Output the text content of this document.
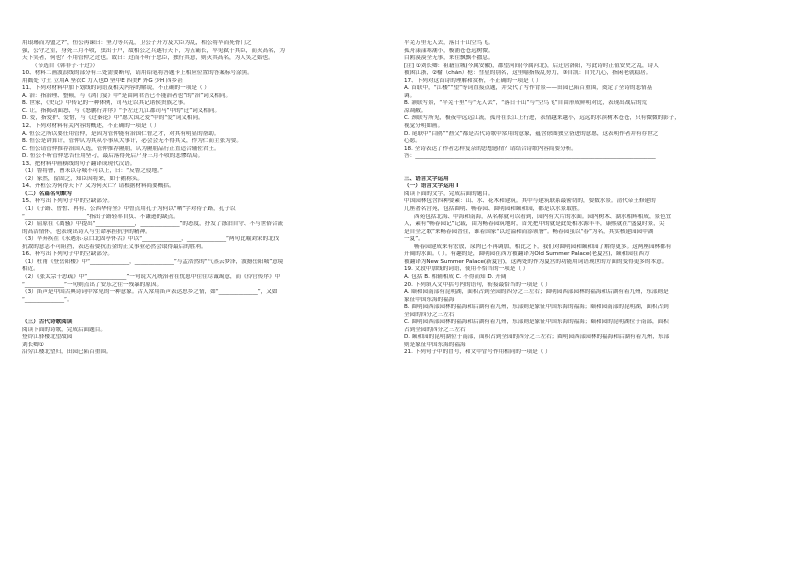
用琅琊而为盟之?”，恒公再谏曰：坚刀等兵乱，卫公子开方及大臣为乱，相公将卒而死骨门之
强，公守之室，身死三月不收，虫出于户，故相公之兵遂行天下，为五霸长，卒见弑于其臣，而灭高名，为
天下笑者，何也？不用管仲之过也。故曰：过而不听于忠臣，独行其意，则灭其高名，为人笑之始也。
（节选自《韩非子·十过》）
10、材料二画波浪线的部分有三处需要断句，请用铅笔将答题卡上相应位置的答案标号涂黑。
用戳处 寸土 立用A 坚衣C 力人也D 坚甲E 四美F 外G 少H 四乡甚
11、下列对材料中加下划线的词语及相关内容的解说，不正确的一项是（ ）
A. 治：指治理、整顿，与《鸿门宴》中“是由阿君吾已不能治者也”的“治”词义相同。
B. 世家，《史记》中传记的一种体例，司马迁以其记诸侯贵族之事。
C. 让，指揭动面怒，与《怒鹏行并序》“予左迁九江郡司马”中的“迁”词义相同。
D. 爱，指爱护、爱惜，与《过秦论》中“愿大国之爱”中的“爱”词义相同。
12、下列对材料有关内容的概述，不正确的一项是（ ）
A. 恒公之所以要任用管仲，是因为管仲能有治国仁智之才，对其有明显的帮助。
B. 恒公是讲算计，管仲认为其从小事从大事计，必会会无不得其义，作为仁而主张为要。
C. 恒公请管仲推荐治国人选，管仲推荐隰朋，认为隰朋品行正直适合辅佐君王。
D. 恒公不听管仲忠告任用坚刁，最后落得死后尸身三月不收的悲惨结局。
13、把材料中画横线的句子翻译成现代汉语。
（1）鲁将曹，曹未以夺城不可以上，曰：“反鲁之侵地。”
（2）家然，留固之，知臣因将来，如于鹅称头。
14、齐桓公为何得天下？又为何灭亡？请根据材料简要概括。
（二）名篇名句默写
15、补写出下列句子中的空缺部分。
（1）《子路、曾皙、冉有、公西华侍坐》中曾点用孔子为何以“哂”字对待子路，孔子以
“______________________”指出子路轻率自负、不谦逊的缺点。
（2）屈原在《离骚》中提出“______________，______________”的态度，抒发了涤泊自守、不与世俗合流
的高洁情怀，也表现出诗人与生命承担抗争的精神。
（3）辛弃疾在《永遇乐·京口北固亭怀古》中以“______________，______________”两句比喻刘宋的北伐
抗敌的意志不可阻挡，表达着要抗击金的正义事业必然会取得最后的胜利。
16、补写出下列句子中的空缺部分。
（1）杜甫《登岳阳楼》中“______________，______________”与孟浩然的“气蒸云梦泽，波撼岳阳城”意境
相近。
（2）《张太宗十思疏》中“______________”一句说大凡统治者在忧患中往往尽诚竭意，而《伶官传序》中
“______________”一句则点出了安乐之往一残暴的原因。
（3）笛声是中国古典诗词中常见的一种意象。古人常用笛声表达思乡之情，如“______________”，又如
“______________”。
（三）古代诗歌阅读
阅读下面的诗歌，完成后面题目。
登铃江驿楼北望故园
刘长卿①
沿穷江楼北望归，田园已陷百重围。
平芜万里无人去，落日千山空鸟飞。
孤舟漾漾寒潮小，极浦苍苍远树微。
白鸥漠漠全无事，来往飘飘不撒息。
[注] ①刘长卿：祖籍宣城(今属安徽)，郡望河间(今属河北)，后迁居洛阳，写此诗时正值安史之乱，诗人
被困江浙，②榆（chán）枪：彗星的别名，这里喻指叛乱势力，③自凯：自凭九心，指闲老就稳居。
17、下列对这首诗的理解和赏析，不正确的一项是（ ）
A. 首联中，“江楼”“望”等词直接点题，并交代了写作背景——田园已陷百重围，奠定了全诗的悲情基
调。
B. 颔联写景，“平芜千里”与“无人去”，“落日千山”与“空鸟飞”自由形成鲜明对比，表现出战后的荒
凉凋敝。
C. 颈联写所见，极夜中远远江流，孤舟在长江上行进，表情越来越小，远远的水滨树木苍苍，只有微微的影子，
视觉分明如画。
D. 尾联中“白鸥”“渔父”都是古代诗歌中常用的意象，蕴含徐图独立奋进的意愿，这表明作者并有存世之
心愿。
18. 全诗表达了作者怎样复杂的思想感情？请结合诗歌内容简要分析。
答：______________________________________________________________________________________
三、语言文字运用
（一）语言文字运用 I
阅读下面的文字，完成后面的题目。
中国园林包含四种要素：山、水、花木和建筑。其中与建筑联系最密切的，要数水景。清代帝王修建的
几座著名宫苑，包括圆明、畅春园、圆明园和颐和园，都是以水景取胜。
西苑包括北海、中海和南海，从名称就可以看到，园内有大片的水面。园内树木、湖水相辉相成，景色宜
人，素有“畅春园记”记载，由为畅春园筑地时，首先把中的就是此处相水源丰丰，康熙就在“盛夏时景，尖
是自全之歌”来畅春园晋住，谁着国家“以过溢和而添领署”。畅春园虽以“春”为名，其实核建园园中湖
一夏”。
畅春园建成来有宏放，尿肉已不再调加，相比之下，我们对圆明园和颐和园了解得更多。这两座园林都有
开阔的水面。（ ）。有趣的是，圆明园在西方被翻译为Old Summer Palace(老夏宫)，颐和园在西方
被翻译为New Summer Palace(新夏宫)，这两处的作为夏宫的功能用词语现世的方面的变得更多的本意。
19. 文段中加线的词语，使用不恰当的一项是（ ）
A. 包括 B. 相辅相成 C. 不得而知 D. 开阔
20. 下列填入文中括号内的语句，衔接最恰当的一项是（ ）
A. 颐和园南部有昆明湖，面积占到全园的四分之三左右；圆明园西部园林的福海和后湖有着九州，东部则是
象征中国东海的福海
B. 圆明园西部园林的福海和后湖有着九州，东部则是象征中国东海的福海；颐和园南部的昆明湖，面积占到
全园的四分之三左右
C. 圆明园西部园林的福海和后湖有着九州，东部则是象征中国东海的福海；颐和园的昆明湖位于南部，面积
占到全园的四分之三左右
D. 颐和园的昆明湖位于南部，面积占到全园的四分之三左右；圆明园西部园林的福海和后湖有着九州，东部
则是象征中国东海的福海
21. 下列句子中的冒号，和文中冒号作用相同的一项是（ ）
